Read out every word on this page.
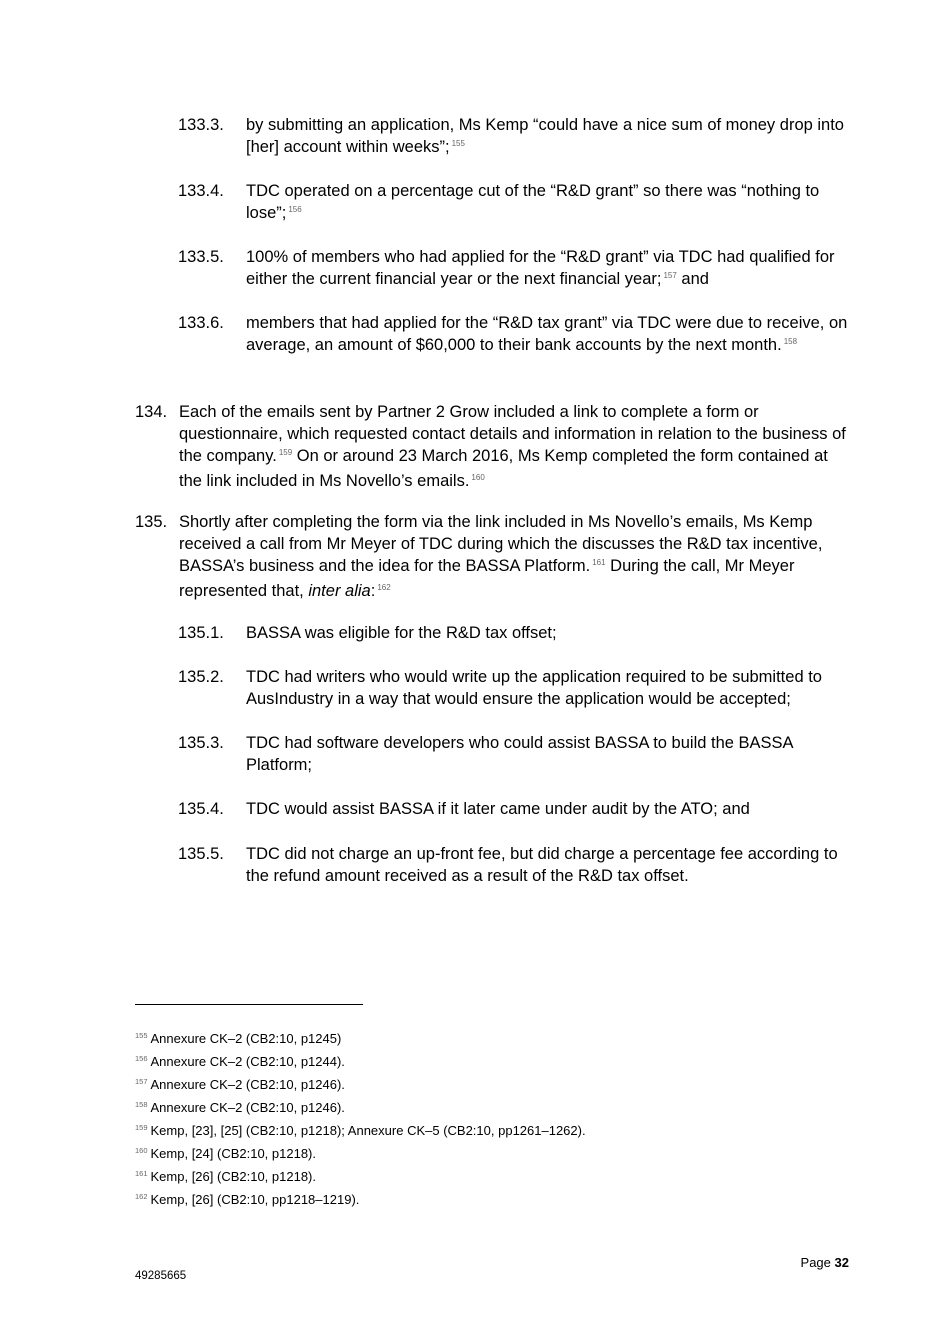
133.3. by submitting an application, Ms Kemp “could have a nice sum of money drop into [her] account within weeks”; $^{155}$
133.4. TDC operated on a percentage cut of the “R&D grant” so there was “nothing to lose”; $^{156}$
133.5. 100% of members who had applied for the “R&D grant” via TDC had qualified for either the current financial year or the next financial year; $^{157}$ and
133.6. members that had applied for the “R&D tax grant” via TDC were due to receive, on average, an amount of $60,000 to their bank accounts by the next month. $^{158}$
134. Each of the emails sent by Partner 2 Grow included a link to complete a form or questionnaire, which requested contact details and information in relation to the business of the company. $^{159}$ On or around 23 March 2016, Ms Kemp completed the form contained at the link included in Ms Novello’s emails. $^{160}$
135. Shortly after completing the form via the link included in Ms Novello’s emails, Ms Kemp received a call from Mr Meyer of TDC during which the discusses the R&D tax incentive, BASSA’s business and the idea for the BASSA Platform. $^{161}$ During the call, Mr Meyer represented that, inter alia: $^{162}$
135.1. BASSA was eligible for the R&D tax offset;
135.2. TDC had writers who would write up the application required to be submitted to AusIndustry in a way that would ensure the application would be accepted;
135.3. TDC had software developers who could assist BASSA to build the BASSA Platform;
135.4. TDC would assist BASSA if it later came under audit by the ATO; and
135.5. TDC did not charge an up-front fee, but did charge a percentage fee according to the refund amount received as a result of the R&D tax offset.
$^{155}$ Annexure CK–2 (CB2:10, p1245)
$^{156}$ Annexure CK–2 (CB2:10, p1244).
$^{157}$ Annexure CK–2 (CB2:10, p1246).
$^{158}$ Annexure CK–2 (CB2:10, p1246).
$^{159}$ Kemp, [23], [25] (CB2:10, p1218); Annexure CK–5 (CB2:10, pp1261–1262).
$^{160}$ Kemp, [24] (CB2:10, p1218).
$^{161}$ Kemp, [26] (CB2:10, p1218).
$^{162}$ Kemp, [26] (CB2:10, pp1218–1219).
Page 32
49285665
